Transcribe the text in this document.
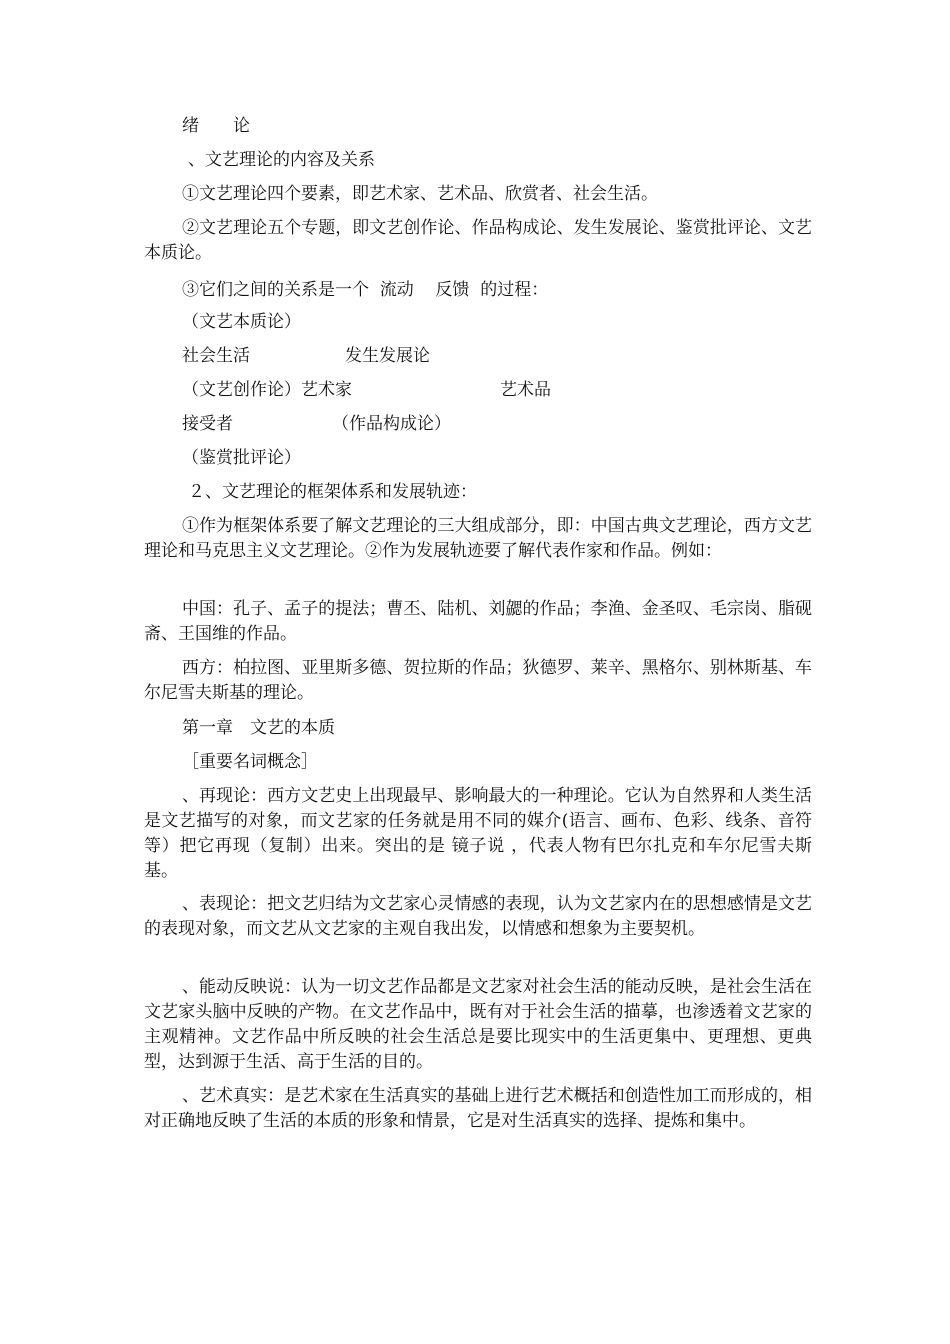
绪　　论

、文艺理论的内容及关系

①文艺理论四个要素，即艺术家、艺术品、欣赏者、社会生活。

②文艺理论五个专题，即文艺创作论、作品构成论、发生发展论、鉴赏批评论、文艺本质论。

③它们之间的关系是一个  流动    反馈  的过程：

（文艺本质论）

社会生活	发生发展论

（文艺创作论）艺术家	艺术品

接受者	（作品构成论）

（鉴赏批评论）

２、文艺理论的框架体系和发展轨迹：

①作为框架体系要了解文艺理论的三大组成部分，即：中国古典文艺理论，西方文艺理论和马克思主义文艺理论。②作为发展轨迹要了解代表作家和作品。例如：

中国：孔子、孟子的提法；曹丕、陆机、刘勰的作品；李渔、金圣叹、毛宗岗、脂砚斋、王国维的作品。

西方：柏拉图、亚里斯多德、贺拉斯的作品；狄德罗、莱辛、黑格尔、别林斯基、车尔尼雪夫斯基的理论。

第一章　文艺的本质

［重要名词概念］

、再现论：西方文艺史上出现最早、影响最大的一种理论。它认为自然界和人类生活是文艺描写的对象，而文艺家的任务就是用不同的媒介(语言、画布、色彩、线条、音符等）把它再现（复制）出来。突出的是 镜子说 ，代表人物有巴尔扎克和车尔尼雪夫斯基。

、表现论：把文艺归结为文艺家心灵情感的表现，认为文艺家内在的思想感情是文艺的表现对象，而文艺从文艺家的主观自我出发，以情感和想象为主要契机。

、能动反映说：认为一切文艺作品都是文艺家对社会生活的能动反映，是社会生活在文艺家头脑中反映的产物。在文艺作品中，既有对于社会生活的描摹，也渗透着文艺家的主观精神。文艺作品中所反映的社会生活总是要比现实中的生活更集中、更理想、更典型，达到源于生活、高于生活的目的。

、艺术真实：是艺术家在生活真实的基础上进行艺术概括和创造性加工而形成的，相对正确地反映了生活的本质的形象和情景，它是对生活真实的选择、提炼和集中。
